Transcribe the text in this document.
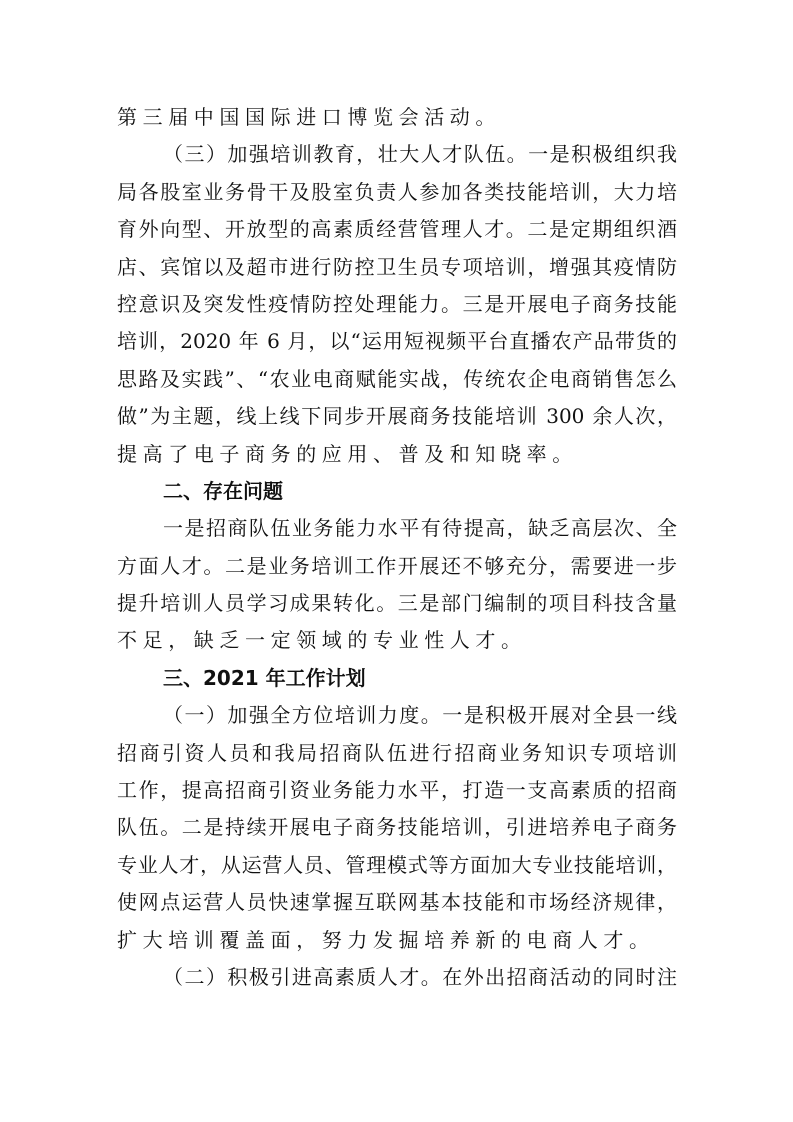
第三届中国国际进口博览会活动。
（三）加强培训教育，壮大人才队伍。一是积极组织我
局各股室业务骨干及股室负责人参加各类技能培训，大力培
育外向型、开放型的高素质经营管理人才。二是定期组织酒
店、宾馆以及超市进行防控卫生员专项培训，增强其疫情防
控意识及突发性疫情防控处理能力。三是开展电子商务技能
培训，2020 年 6 月，以“运用短视频平台直播农产品带货的
思路及实践”、“农业电商赋能实战，传统农企电商销售怎么
做”为主题，线上线下同步开展商务技能培训 300 余人次，
提高了电子商务的应用、普及和知晓率。
二、存在问题
一是招商队伍业务能力水平有待提高，缺乏高层次、全
方面人才。二是业务培训工作开展还不够充分，需要进一步
提升培训人员学习成果转化。三是部门编制的项目科技含量
不足，缺乏一定领域的专业性人才。
三、2021 年工作计划
（一）加强全方位培训力度。一是积极开展对全县一线
招商引资人员和我局招商队伍进行招商业务知识专项培训
工作，提高招商引资业务能力水平，打造一支高素质的招商
队伍。二是持续开展电子商务技能培训，引进培养电子商务
专业人才，从运营人员、管理模式等方面加大专业技能培训，
使网点运营人员快速掌握互联网基本技能和市场经济规律，
扩大培训覆盖面，努力发掘培养新的电商人才。
（二）积极引进高素质人才。在外出招商活动的同时注
